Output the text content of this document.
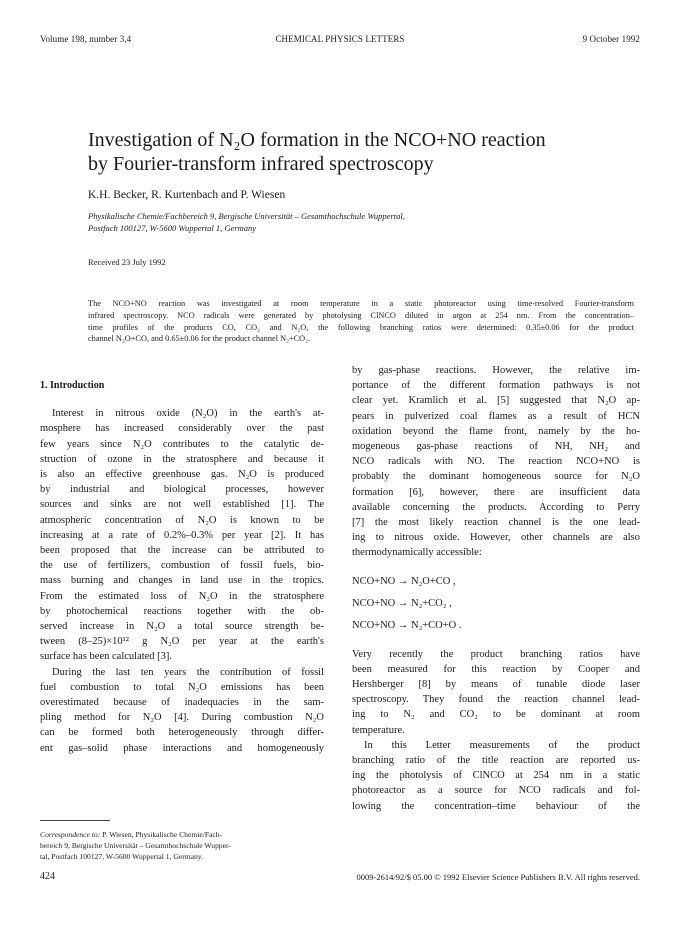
Volume 198, number 3,4	CHEMICAL PHYSICS LETTERS	9 October 1992
Investigation of N₂O formation in the NCO+NO reaction
by Fourier-transform infrared spectroscopy
K.H. Becker, R. Kurtenbach and P. Wiesen
Physikalische Chemie/Fachbereich 9, Bergische Universität – Gesamthochschule Wuppertal,
Postfach 100127, W-5600 Wuppertal 1, Germany
Received 23 July 1992
The NCO+NO reaction was investigated at room temperature in a static photoreactor using time-resolved Fourier-transform
infrared spectroscopy. NCO radicals were generated by photolysing ClNCO diluted in argon at 254 nm. From the concentration–
time profiles of the products CO, CO₂ and N₂O, the following branching ratios were determined: 0.35±0.06 for the product
channel N₂O+CO, and 0.65±0.06 for the product channel N₂+CO₂.
1. Introduction
Interest in nitrous oxide (N₂O) in the earth's at-
mosphere has increased considerably over the past
few years since N₂O contributes to the catalytic de-
struction of ozone in the stratosphere and because it
is also an effective greenhouse gas. N₂O is produced
by industrial and biological processes, however
sources and sinks are not well established [1]. The
atmospheric concentration of N₂O is known to be
increasing at a rate of 0.2%–0.3% per year [2]. It has
been proposed that the increase can be attributed to
the use of fertilizers, combustion of fossil fuels, bio-
mass burning and changes in land use in the tropics.
From the estimated loss of N₂O in the stratosphere
by photochemical reactions together with the ob-
served increase in N₂O a total source strength be-
tween (8–25)×10¹² g N₂O per year at the earth's
surface has been calculated [3].
During the last ten years the contribution of fossil
fuel combustion to total N₂O emissions has been
overestimated because of inadequacies in the sam-
pling method for N₂O [4]. During combustion N₂O
can be formed both heterogeneously through differ-
ent gas–solid phase interactions and homogeneously
by gas-phase reactions. However, the relative im-
portance of the different formation pathways is not
clear yet. Kramlich et al. [5] suggested that N₂O ap-
pears in pulverized coal flames as a result of HCN
oxidation beyond the flame front, namely by the ho-
mogeneous gas-phase reactions of NH, NH₂ and
NCO radicals with NO. The reaction NCO+NO is
probably the dominant homogeneous source for N₂O
formation [6], however, there are insufficient data
available concerning the products. According to Perry
[7] the most likely reaction channel is the one lead-
ing to nitrous oxide. However, other channels are also
thermodynamically accessible:
NCO+NO → N₂O+CO ,
NCO+NO → N₂+CO₂ ,
NCO+NO → N₂+CO+O .
Very recently the product branching ratios have
been measured for this reaction by Cooper and
Hershberger [8] by means of tunable diode laser
spectroscopy. They found the reaction channel lead-
ing to N₂ and CO₂ to be dominant at room
temperature.
In this Letter measurements of the product
branching ratio of the title reaction are reported us-
ing the photolysis of ClNCO at 254 nm in a static
photoreactor as a source for NCO radicals and fol-
lowing the concentration–time behaviour of the
Correspondence to: P. Wiesen, Physikalische Chemie/Fach-
bereich 9, Bergische Universität – Gesamthochschule Wupper-
tal, Postfach 100127, W-5600 Wuppertal 1, Germany.
424	0009-2614/92/$ 05.00 © 1992 Elsevier Science Publishers B.V. All rights reserved.
